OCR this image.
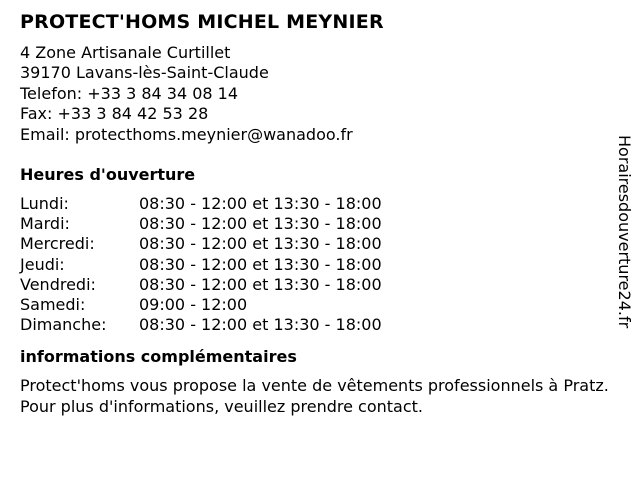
PROTECT'HOMS MICHEL MEYNIER
4 Zone Artisanale Curtillet
39170 Lavans-lès-Saint-Claude
Telefon: +33 3 84 34 08 14
Fax: +33 3 84 42 53 28
Email: protecthoms.meynier@wanadoo.fr
Heures d'ouverture
Lundi:	08:30 - 12:00 et 13:30 - 18:00
Mardi:	08:30 - 12:00 et 13:30 - 18:00
Mercredi:	08:30 - 12:00 et 13:30 - 18:00
Jeudi:	08:30 - 12:00 et 13:30 - 18:00
Vendredi:	08:30 - 12:00 et 13:30 - 18:00
Samedi:	09:00 - 12:00
Dimanche:	08:30 - 12:00 et 13:30 - 18:00
informations complémentaires
Protect'homs vous propose la vente de vêtements professionnels à Pratz. Pour plus d'informations, veuillez prendre contact.
Horairesdouverture24.fr
